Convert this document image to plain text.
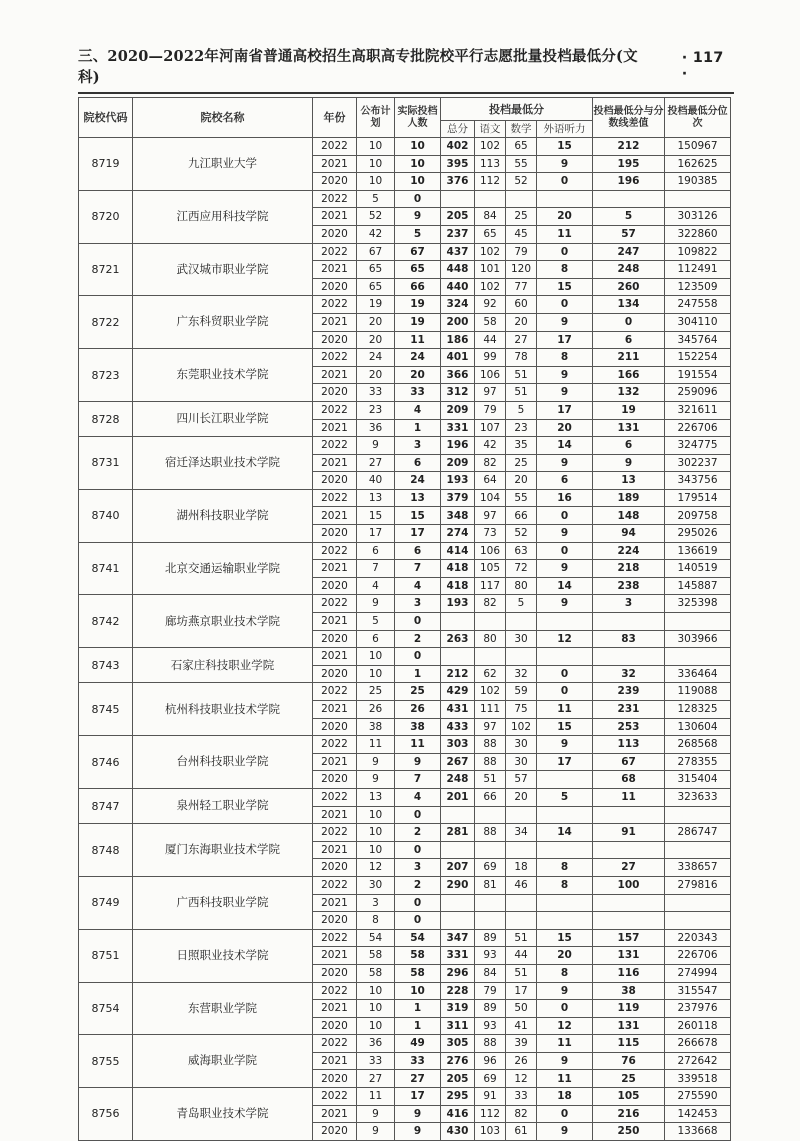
三、2020—2022年河南省普通高校招生高职高专批院校平行志愿批量投档最低分(文科)
· 117 ·
院校代码	院校名称	年份	公布计划	实际投档人数	投档最低分				投档最低分与分数线差值	投档最低分位次
					总分	语文	数学	外语听力		
8719	九江职业大学	2022	10	10	402	102	65	15	212	150967
		2021	10	10	395	113	55	9	195	162625
		2020	10	10	376	112	52	0	196	190385
8720	江西应用科技学院	2022	5	0						
		2021	52	9	205	84	25	20	5	303126
		2020	42	5	237	65	45	11	57	322860
8721	武汉城市职业学院	2022	67	67	437	102	79	0	247	109822
		2021	65	65	448	101	120	8	248	112491
		2020	65	66	440	102	77	15	260	123509
8722	广东科贸职业学院	2022	19	19	324	92	60	0	134	247558
		2021	20	19	200	58	20	9	0	304110
		2020	20	11	186	44	27	17	6	345764
8723	东莞职业技术学院	2022	24	24	401	99	78	8	211	152254
		2021	20	20	366	106	51	9	166	191554
		2020	33	33	312	97	51	9	132	259096
8728	四川长江职业学院	2022	23	4	209	79	5	17	19	321611
		2021	36	1	331	107	23	20	131	226706
8731	宿迁泽达职业技术学院	2022	9	3	196	42	35	14	6	324775
		2021	27	6	209	82	25	9	9	302237
		2020	40	24	193	64	20	6	13	343756
8740	湖州科技职业学院	2022	13	13	379	104	55	16	189	179514
		2021	15	15	348	97	66	0	148	209758
		2020	17	17	274	73	52	9	94	295026
8741	北京交通运输职业学院	2022	6	6	414	106	63	0	224	136619
		2021	7	7	418	105	72	9	218	140519
		2020	4	4	418	117	80	14	238	145887
8742	廊坊燕京职业技术学院	2022	9	3	193	82	5	9	3	325398
		2021	5	0						
		2020	6	2	263	80	30	12	83	303966
8743	石家庄科技职业学院	2021	10	0						
		2020	10	1	212	62	32	0	32	336464
8745	杭州科技职业技术学院	2022	25	25	429	102	59	0	239	119088
		2021	26	26	431	111	75	11	231	128325
		2020	38	38	433	97	102	15	253	130604
8746	台州科技职业学院	2022	11	11	303	88	30	9	113	268568
		2021	9	9	267	88	30	17	67	278355
		2020	9	7	248	51	57		68	315404
8747	泉州轻工职业学院	2022	13	4	201	66	20	5	11	323633
		2021	10	0						
8748	厦门东海职业技术学院	2022	10	2	281	88	34	14	91	286747
		2021	10	0						
		2020	12	3	207	69	18	8	27	338657
8749	广西科技职业学院	2022	30	2	290	81	46	8	100	279816
		2021	3	0						
		2020	8	0						
8751	日照职业技术学院	2022	54	54	347	89	51	15	157	220343
		2021	58	58	331	93	44	20	131	226706
		2020	58	58	296	84	51	8	116	274994
8754	东营职业学院	2022	10	10	228	79	17	9	38	315547
		2021	10	1	319	89	50	0	119	237976
		2020	10	1	311	93	41	12	131	260118
8755	威海职业学院	2022	36	49	305	88	39	11	115	266678
		2021	33	33	276	96	26	9	76	272642
		2020	27	27	205	69	12	11	25	339518
8756	青岛职业技术学院	2022	11	17	295	91	33	18	105	275590
		2021	9	9	416	112	82	0	216	142453
		2020	9	9	430	103	61	9	250	133668
